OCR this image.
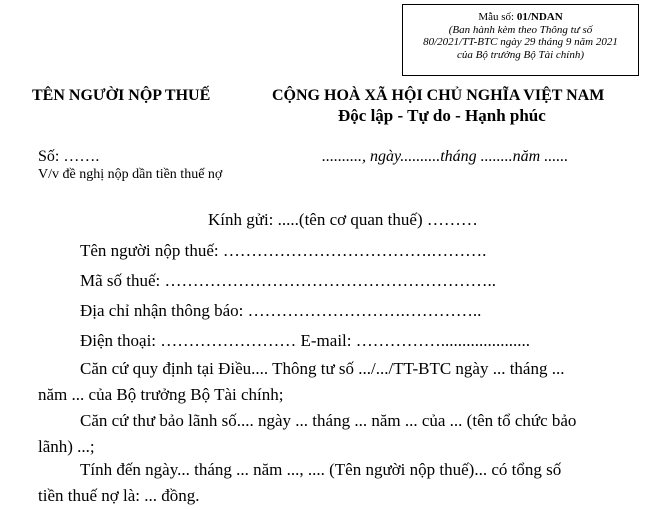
Mẫu số: 01/NDAN
(Ban hành kèm theo Thông tư số
80/2021/TT-BTC ngày 29 tháng 9 năm 2021
của Bộ trưởng Bộ Tài chính)
TÊN NGƯỜI NỘP THUẾ	CỘNG HOÀ XÃ HỘI CHỦ NGHĨA VIỆT NAM
Độc lập - Tự do - Hạnh phúc
Số: …….
V/v đề nghị nộp dần tiền thuế nợ
.........., ngày..........tháng ........năm ......
Kính gửi: .....(tên cơ quan thuế) ………
Tên người nộp thuế: ……………………………….……….
Mã số thuế: …………………………………………………..
Địa chỉ nhận thông báo: ……………………….…………..
Điện thoại: …………………… E-mail: …………….....................
Căn cứ quy định tại Điều.... Thông tư số .../.../TT-BTC ngày ... tháng ...
năm ... của Bộ trưởng Bộ Tài chính;
Căn cứ thư bảo lãnh số.... ngày ... tháng ... năm ... của ... (tên tổ chức bảo
lãnh) ...;
Tính đến ngày... tháng ... năm ..., .... (Tên người nộp thuế)... có tổng số
tiền thuế nợ là: ... đồng.
